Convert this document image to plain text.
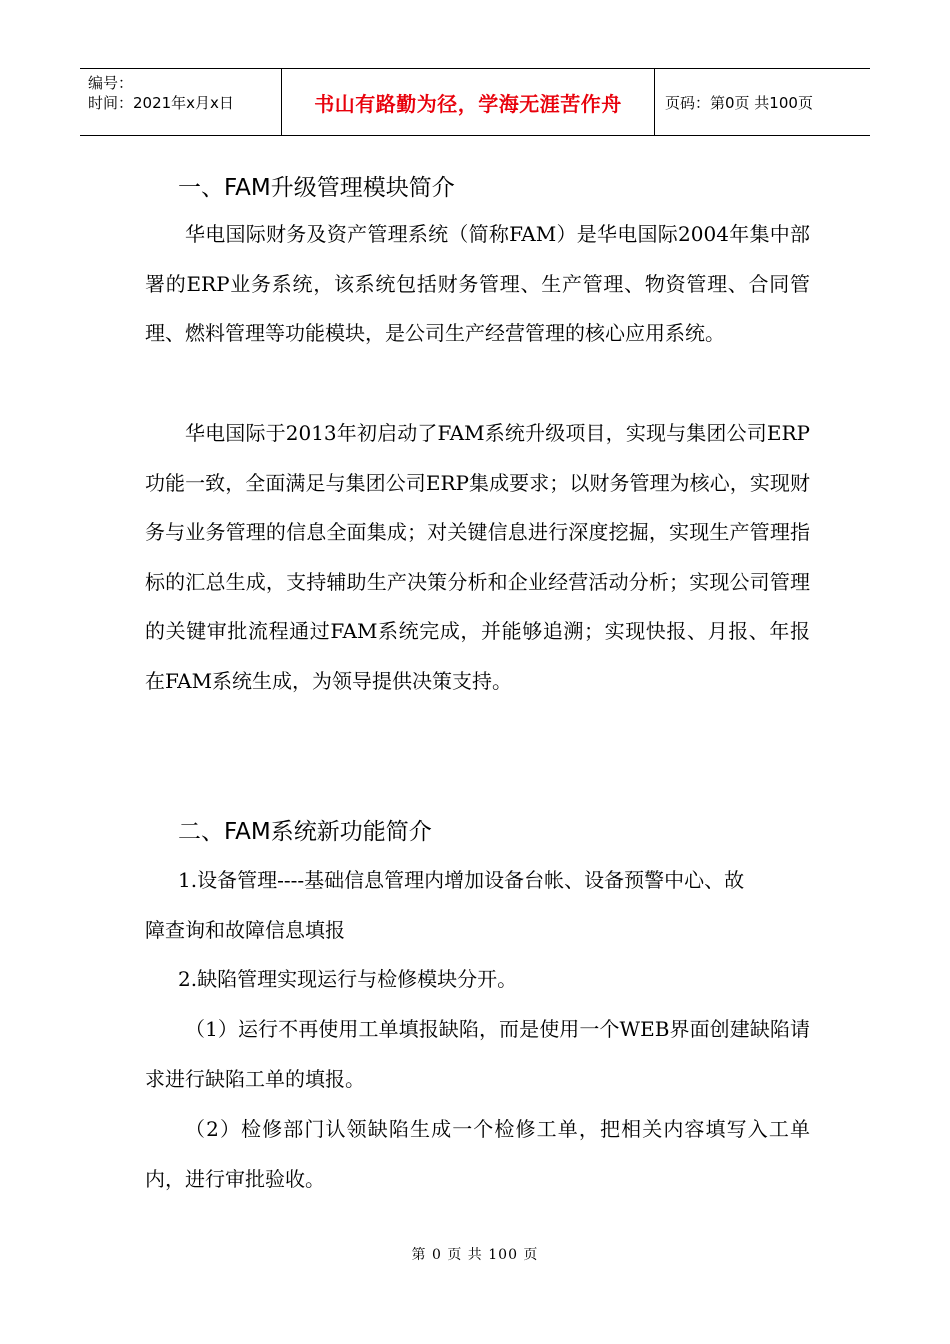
编号：
时间：2021年x月x日	书山有路勤为径，学海无涯苦作舟	页码：第0页 共100页
一、FAM升级管理模块简介

华电国际财务及资产管理系统（简称FAM）是华电国际2004年集中部署的ERP业务系统，该系统包括财务管理、生产管理、物资管理、合同管理、燃料管理等功能模块，是公司生产经营管理的核心应用系统。

华电国际于2013年初启动了FAM系统升级项目，实现与集团公司ERP功能一致，全面满足与集团公司ERP集成要求；以财务管理为核心，实现财务与业务管理的信息全面集成；对关键信息进行深度挖掘，实现生产管理指标的汇总生成，支持辅助生产决策分析和企业经营活动分析；实现公司管理的关键审批流程通过FAM系统完成，并能够追溯；实现快报、月报、年报在FAM系统生成，为领导提供决策支持。

二、FAM系统新功能简介

1.设备管理----基础信息管理内增加设备台帐、设备预警中心、故

障查询和故障信息填报

2.缺陷管理实现运行与检修模块分开。

（1）运行不再使用工单填报缺陷，而是使用一个WEB界面创建缺陷请求进行缺陷工单的填报。

（2）检修部门认领缺陷生成一个检修工单，把相关内容填写入工单内，进行审批验收。

第 0 页 共 100 页
